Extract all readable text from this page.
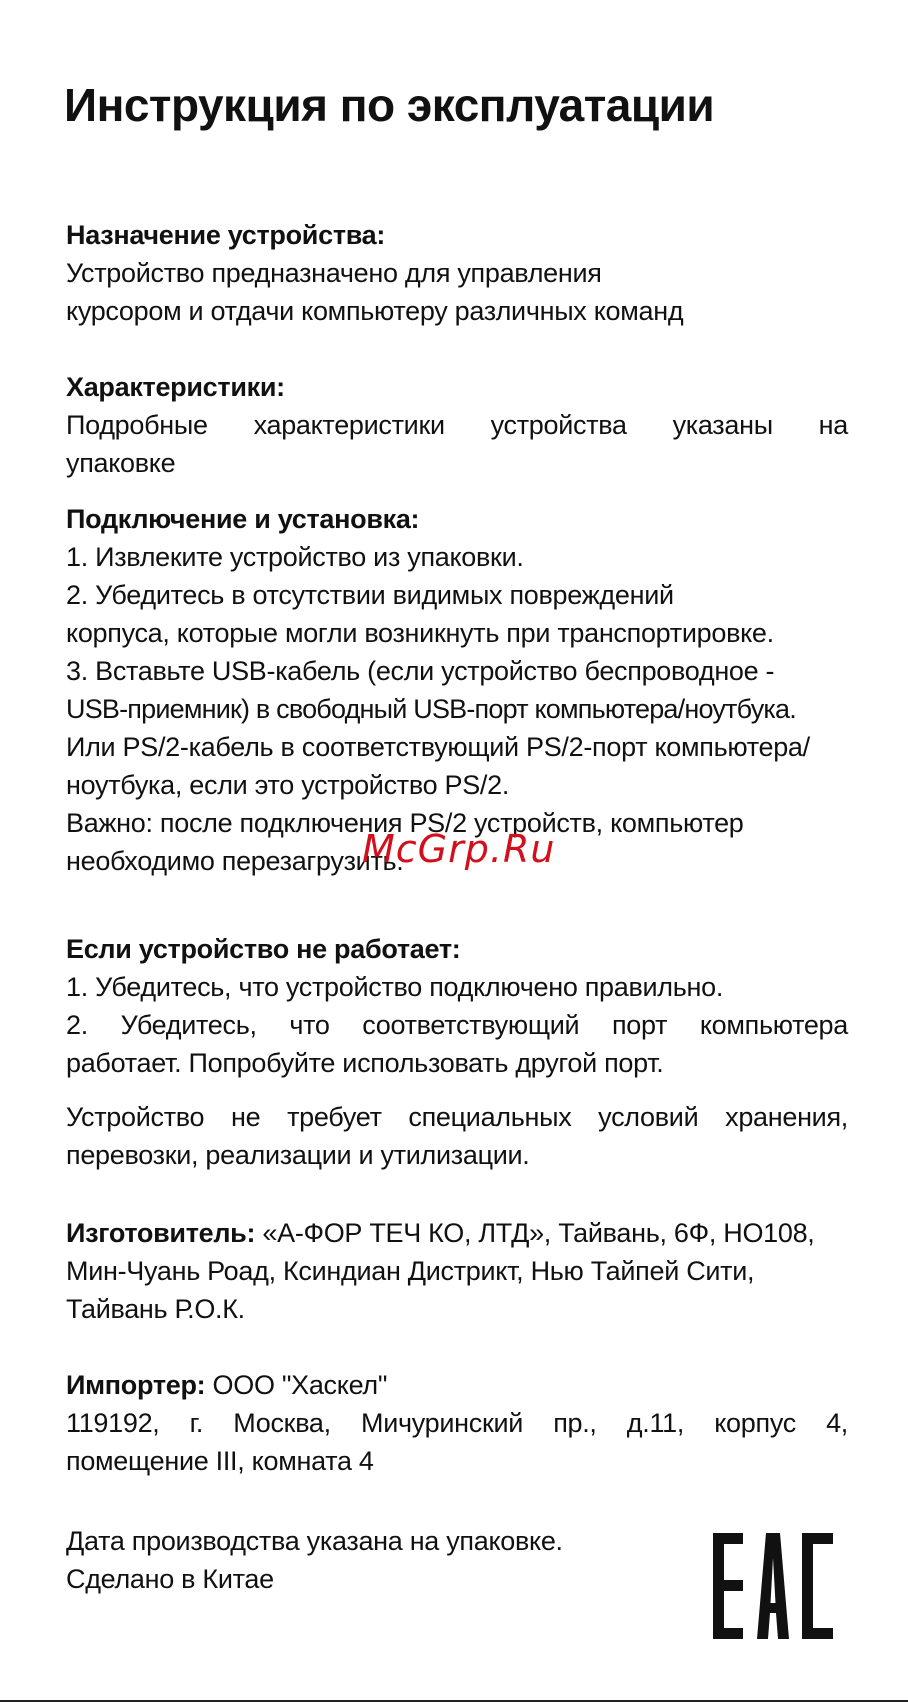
Инструкция по эксплуатации

Назначение устройства:

Устройство предназначено для управления

курсором и отдачи компьютеру различных команд

Характеристики:

Подробные характеристики устройства указаны на

упаковке

Подключение и установка:

1. Извлеките устройство из упаковки.

2. Убедитесь в отсутствии видимых повреждений

корпуса, которые могли возникнуть при транспортировке.

3. Вставьте USB-кабель (если устройство беспроводное -

USB-приемник) в свободный USB-порт компьютера/ноутбука.

Или PS/2-кабель в соответствующий PS/2-порт компьютера/

ноутбука, если это устройство PS/2.

Важно: после подключения PS/2 устройств, компьютер

необходимо перезагрузить.

Если устройство не работает:

1. Убедитесь, что устройство подключено правильно.

2. Убедитесь, что соответствующий порт компьютера

работает. Попробуйте использовать другой порт.

Устройство не требует специальных условий хранения,

перевозки, реализации и утилизации.

Изготовитель: «А-ФОР ТЕЧ КО, ЛТД», Тайвань, 6Ф, НО108,

Мин-Чуань Роад, Ксиндиан Дистрикт, Нью Тайпей Сити,

Тайвань Р.О.К.

Импортер: ООО "Хаскел"

119192, г. Москва, Мичуринский пр., д.11, корпус 4,

помещение III, комната 4

Дата производства указана на упаковке.

Сделано в Китае

McGrp.Ru
